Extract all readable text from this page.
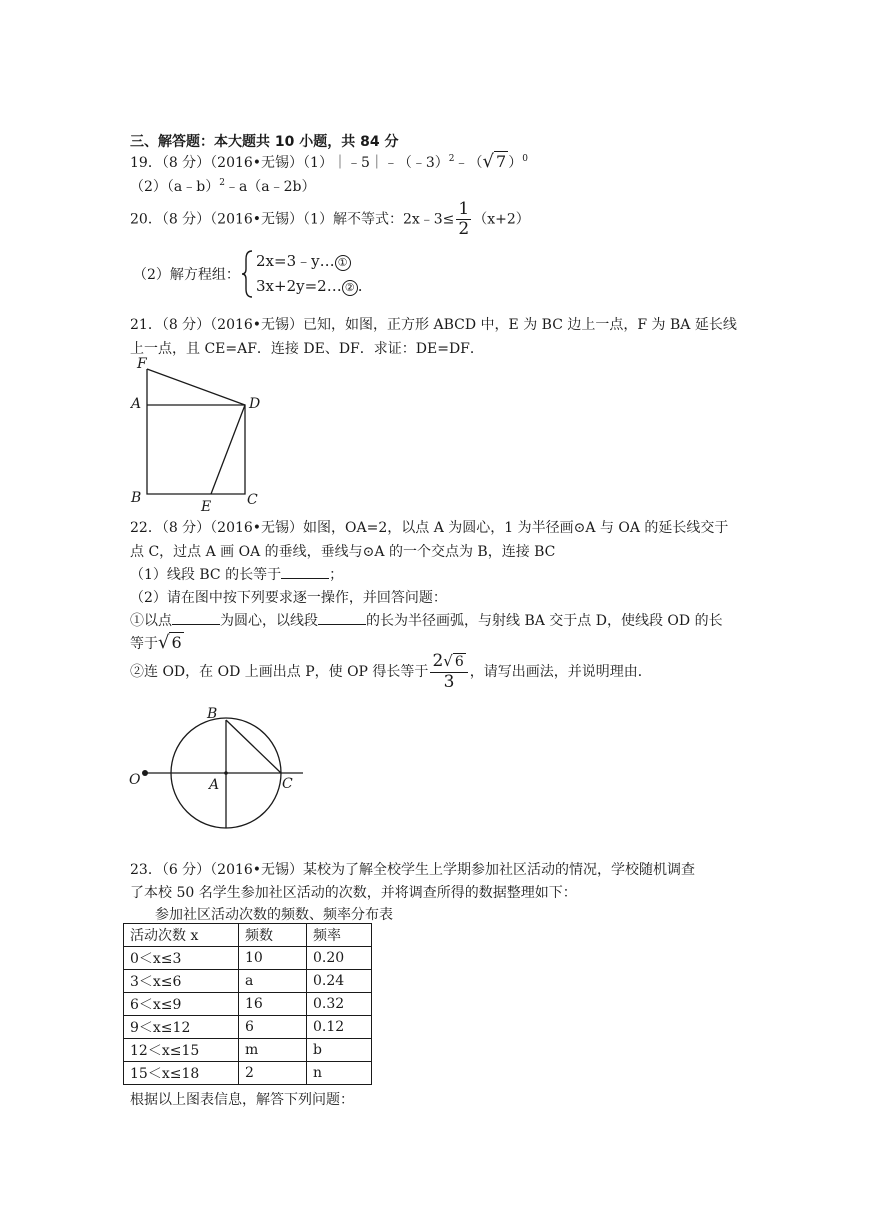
三、解答题：本大题共 10 小题，共 84 分
19．（8 分）（2016•无锡）（1）｜﹣5｜﹣（﹣3）$^2$﹣（√ 7 ）$^0$
（2）（a﹣b）$^2$﹣a（a﹣2b）
20．（8 分）（2016•无锡）（1）解不等式：2x﹣3≤ $\frac{1}{2} (x+2)$
（2）解方程组：
2x=3﹣y… ①
3x+2y=2… ② .
21．（8 分）（2016•无锡）已知，如图，正方形 ABCD 中，E 为 BC 边上一点，F 为 BA 延长线
上一点，且 CE=AF．连接 DE、DF．求证：DE=DF．
F
A	D
B
E	C
22．（8 分）（2016•无锡）如图，OA=2，以点 A 为圆心，1 为半径画⊙A 与 OA 的延长线交于
点 C，过点 A 画 OA 的垂线，垂线与⊙A 的一个交点为 B，连接 BC
（1）线段 BC 的长等于	；
（2）请在图中按下列要求逐一操作，并回答问题：
①以点	为圆心，以线段	的长为半径画弧，与射线 BA 交于点 D，使线段 OD 的长
等于√ 6
②连 OD，在 OD 上画出点 P，使 OP 得长等于 $\frac{2√ 6}{3}$ ，请写出画法，并说明理由．
B
O	A	C
23．（6 分）（2016•无锡）某校为了解全校学生上学期参加社区活动的情况，学校随机调查
了本校 50 名学生参加社区活动的次数，并将调查所得的数据整理如下：
参加社区活动次数的频数、频率分布表
活动次数 x	频数	频率
0＜x≤3	10	0.20
3＜x≤6	a	0.24
6＜x≤9	16	0.32
9＜x≤12	6	0.12
12＜x≤15	m	b
15＜x≤18	2	n
根据以上图表信息，解答下列问题：
